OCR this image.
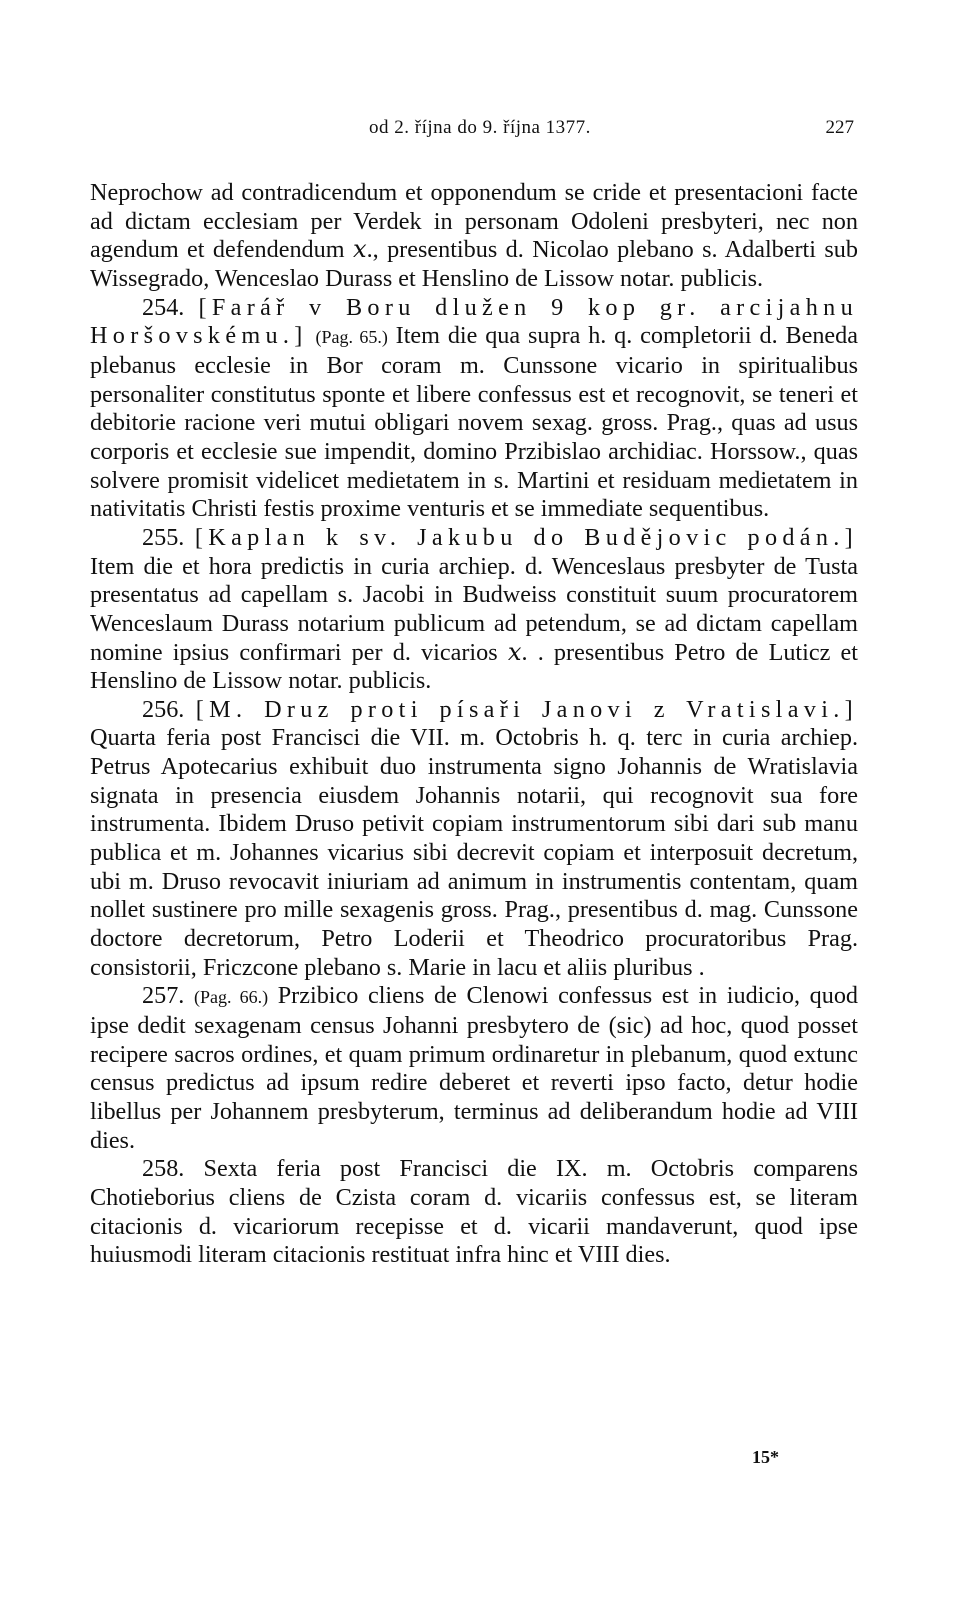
od 2. října do 9. října 1377.	227

Neprochow ad contradicendum et opponendum se cride et presentacioni facte ad dictam ecclesiam per Verdek in personam Odoleni presbyteri, nec non agendum et defendendum 𝑥., presentibus d. Nicolao plebano s. Adalberti sub Wissegrado, Wenceslao Durass et Henslino de Lissow notar. publicis.

254. [Farář v Boru dlužen 9 kop gr. arcijahnu Horšovskému.] (Pag. 65.) Item die qua supra h. q. completorii d. Beneda plebanus ecclesie in Bor coram m. Cunssone vicario in spiritualibus personaliter constitutus sponte et libere confessus est et recognovit, se teneri et debitorie racione veri mutui obligari novem sexag. gross. Prag., quas ad usus corporis et ecclesie sue impendit, domino Przibislao archidiac. Horssow., quas solvere promisit videlicet medietatem in s. Martini et residuam medietatem in nativitatis Christi festis proxime venturis et se immediate sequentibus.

255. [Kaplan k sv. Jakubu do Budějovic podán.] Item die et hora predictis in curia archiep. d. Wenceslaus presbyter de Tusta presentatus ad capellam s. Jacobi in Budweiss constituit suum procuratorem Wenceslaum Durass notarium publicum ad petendum, se ad dictam capellam nomine ipsius confirmari per d. vicarios 𝑥. . presentibus Petro de Luticz et Henslino de Lissow notar. publicis.

256. [M. Druz proti písaři Janovi z Vratislavi.] Quarta feria post Francisci die VII. m. Octobris h. q. terc in curia archiep. Petrus Apotecarius exhibuit duo instrumenta signo Johannis de Wratislavia signata in presencia eiusdem Johannis notarii, qui recognovit sua fore instrumenta. Ibidem Druso petivit copiam instrumentorum sibi dari sub manu publica et m. Johannes vicarius sibi decrevit copiam et interposuit decretum, ubi m. Druso revocavit iniuriam ad animum in instrumentis contentam, quam nollet sustinere pro mille sexagenis gross. Prag., presentibus d. mag. Cunssone doctore decretorum, Petro Loderii et Theodrico procuratoribus Prag. consistorii, Friczcone plebano s. Marie in lacu et aliis pluribus .

257. (Pag. 66.) Przibico cliens de Clenowi confessus est in iudicio, quod ipse dedit sexagenam census Johanni presbytero de (sic) ad hoc, quod posset recipere sacros ordines, et quam primum ordinaretur in plebanum, quod extunc census predictus ad ipsum redire deberet et reverti ipso facto, detur hodie libellus per Johannem presbyterum, terminus ad deliberandum hodie ad VIII dies.

258. Sexta feria post Francisci die IX. m. Octobris comparens Chotieborius cliens de Czista coram d. vicariis confessus est, se literam citacionis d. vicariorum recepisse et d. vicarii mandaverunt, quod ipse huiusmodi literam citacionis restituat infra hinc et VIII dies.

15*
